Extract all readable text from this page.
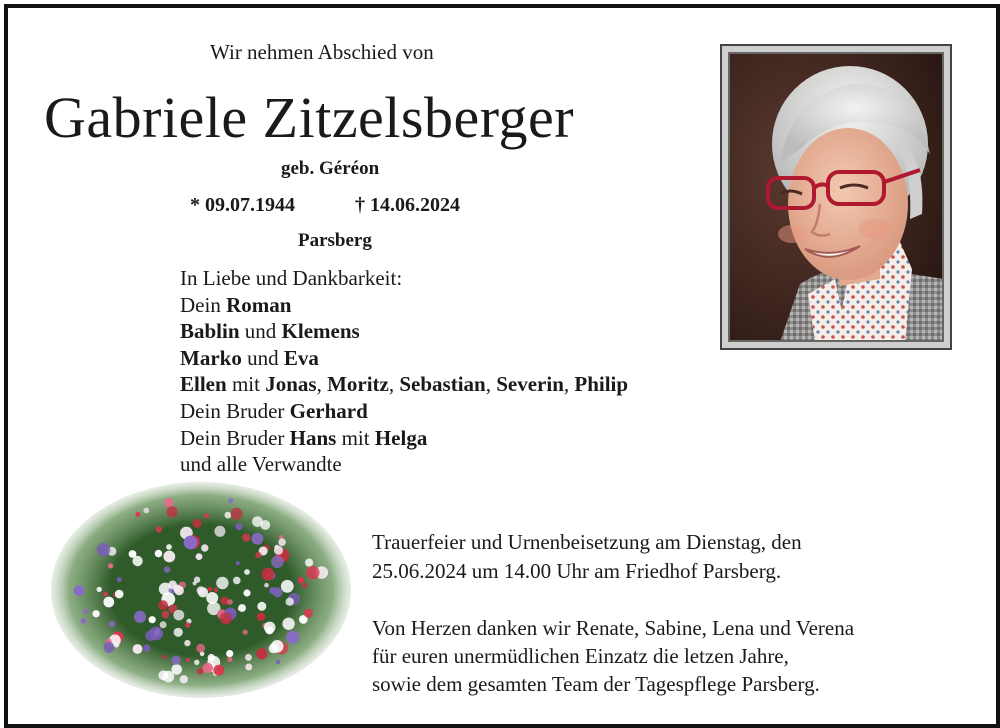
Wir nehmen Abschied von
Gabriele Zitzelsberger
geb. Géréon
* 09.07.1944	† 14.06.2024
Parsberg
In Liebe und Dankbarkeit:
Dein Roman
Bablin und Klemens
Marko und Eva
Ellen mit Jonas, Moritz, Sebastian, Severin, Philip
Dein Bruder Gerhard
Dein Bruder Hans mit Helga
und alle Verwandte
Trauerfeier und Urnenbeisetzung am Dienstag, den
25.06.2024 um 14.00 Uhr am Friedhof Parsberg.
Von Herzen danken wir Renate, Sabine, Lena und Verena
für euren unermüdlichen Einzatz die letzen Jahre,
sowie dem gesamten Team der Tagespflege Parsberg.
